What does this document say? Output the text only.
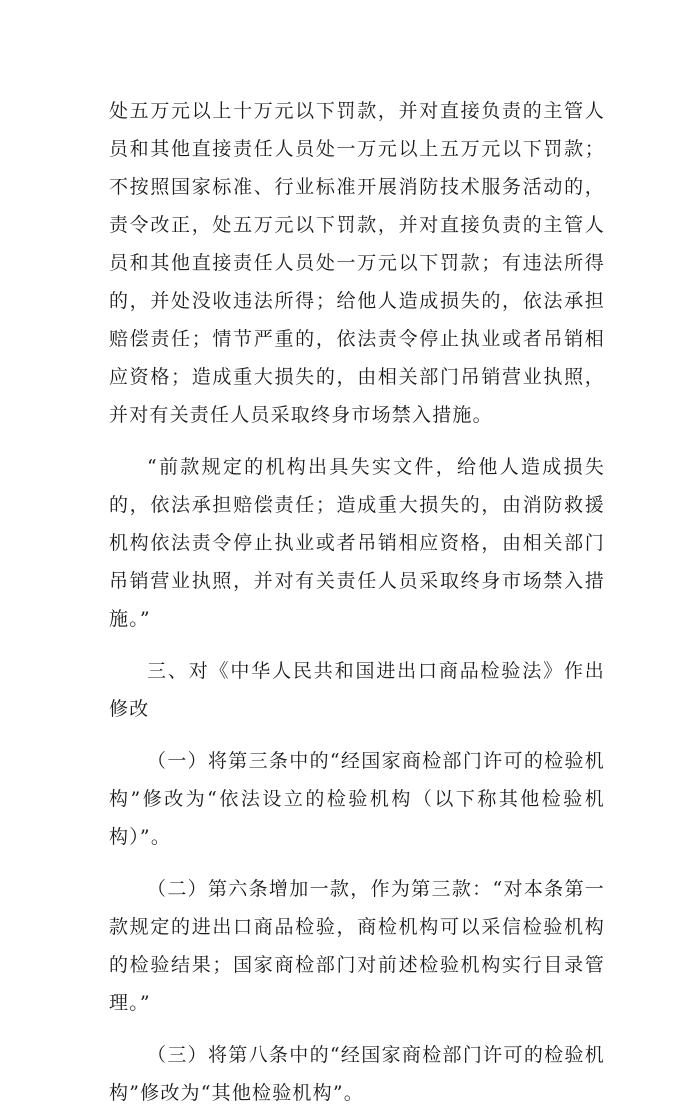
处五万元以上十万元以下罚款，并对直接负责的主管人员和其他直接责任人员处一万元以上五万元以下罚款；不按照国家标准、行业标准开展消防技术服务活动的，责令改正，处五万元以下罚款，并对直接负责的主管人员和其他直接责任人员处一万元以下罚款；有违法所得的，并处没收违法所得；给他人造成损失的，依法承担赔偿责任；情节严重的，依法责令停止执业或者吊销相应资格；造成重大损失的，由相关部门吊销营业执照，并对有关责任人员采取终身市场禁入措施。

“前款规定的机构出具失实文件，给他人造成损失的，依法承担赔偿责任；造成重大损失的，由消防救援机构依法责令停止执业或者吊销相应资格，由相关部门吊销营业执照，并对有关责任人员采取终身市场禁入措施。”

三、对《中华人民共和国进出口商品检验法》作出修改

（一）将第三条中的“经国家商检部门许可的检验机构”修改为“依法设立的检验机构（以下称其他检验机构）”。

（二）第六条增加一款，作为第三款：“对本条第一款规定的进出口商品检验，商检机构可以采信检验机构的检验结果；国家商检部门对前述检验机构实行目录管理。”

（三）将第八条中的“经国家商检部门许可的检验机构”修改为“其他检验机构”。
